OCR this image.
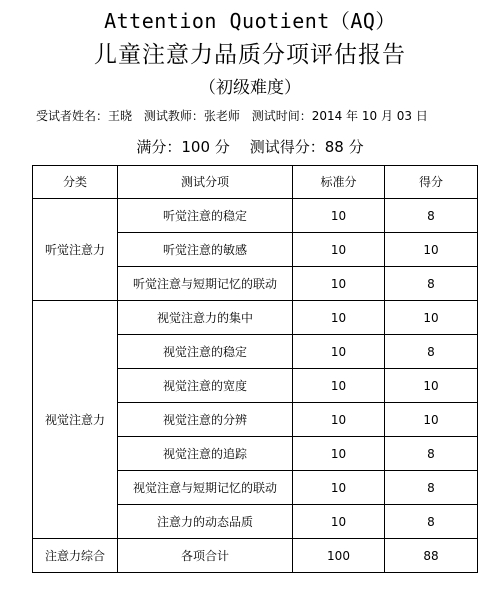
Attention Quotient（AQ）
儿童注意力品质分项评估报告
（初级难度）
受试者姓名：王晓 测试教师：张老师 测试时间：2014 年 10 月 03 日
满分：100 分 测试得分：88 分
分类	测试分项	标准分	得分
听觉注意力	听觉注意的稳定	10	8
	听觉注意的敏感	10	10
	听觉注意与短期记忆的联动	10	8
视觉注意力	视觉注意力的集中	10	10
	视觉注意的稳定	10	8
	视觉注意的宽度	10	10
	视觉注意的分辨	10	10
	视觉注意的追踪	10	8
	视觉注意与短期记忆的联动	10	8
	注意力的动态品质	10	8
注意力综合	各项合计	100	88
